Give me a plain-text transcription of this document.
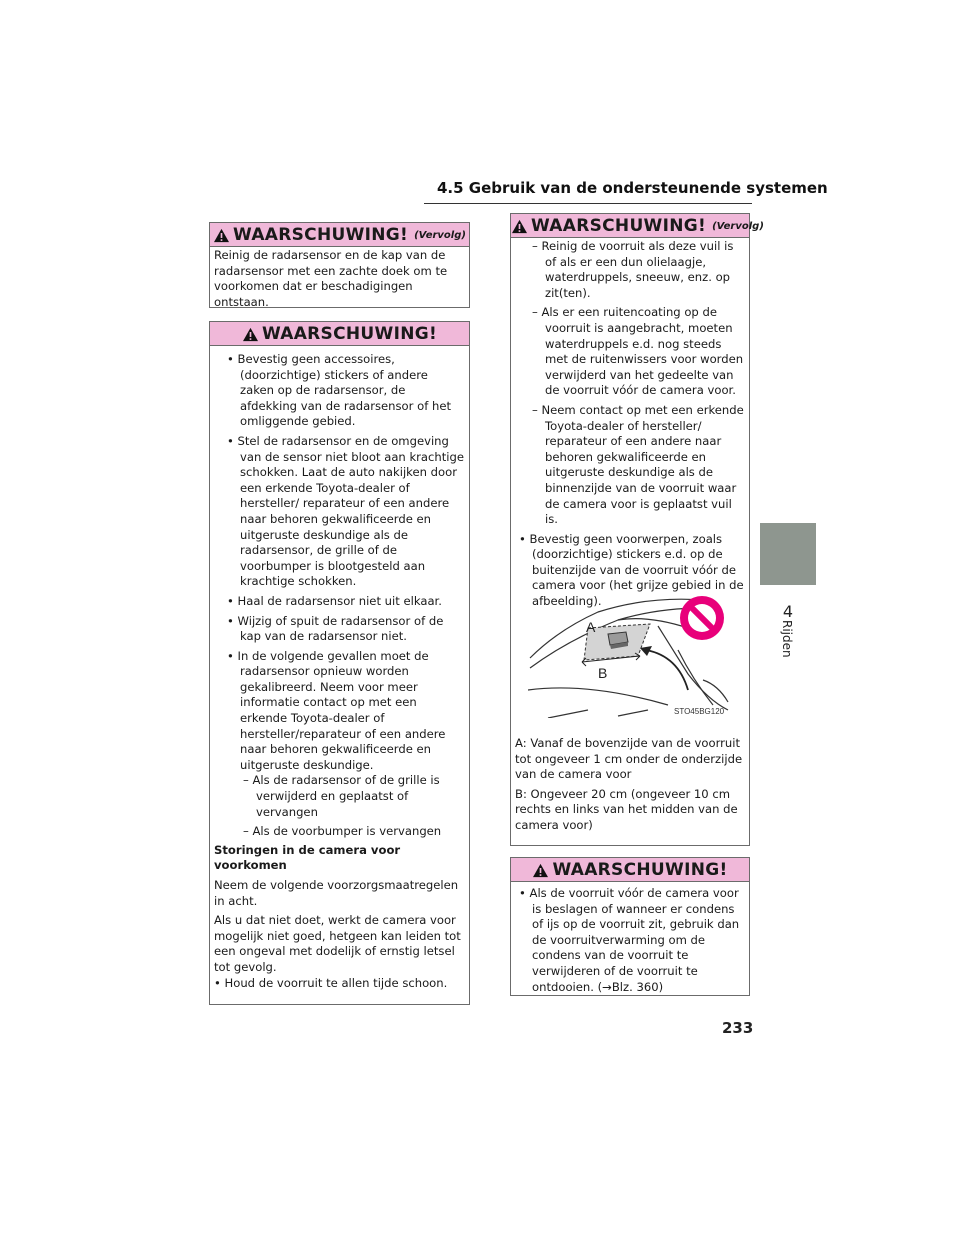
4.5 Gebruik van de ondersteunende systemen
4
Rijden
WAARSCHUWING! (Vervolg)

Reinig de radarsensor en de kap van de radarsensor met een zachte doek om te voorkomen dat er beschadigingen ontstaan.

WAARSCHUWING!

• Bevestig geen accessoires, (doorzichtige) stickers of andere zaken op de radarsensor, de afdekking van de radarsensor of het omliggende gebied.

• Stel de radarsensor en de omgeving van de sensor niet bloot aan krachtige schokken. Laat de auto nakijken door een erkende Toyota-dealer of hersteller/ reparateur of een andere naar behoren gekwalificeerde en uitgeruste deskundige als de radarsensor, de grille of de voorbumper is blootgesteld aan krachtige schokken.

• Haal de radarsensor niet uit elkaar.

• Wijzig of spuit de radarsensor of de kap van de radarsensor niet.

• In de volgende gevallen moet de radarsensor opnieuw worden gekalibreerd. Neem voor meer informatie contact op met een erkende Toyota-dealer of hersteller/reparateur of een andere naar behoren gekwalificeerde en uitgeruste deskundige.

– Als de radarsensor of de grille is verwijderd en geplaatst of vervangen

– Als de voorbumper is vervangen

Storingen in de camera voor voorkomen

Neem de volgende voorzorgsmaatregelen in acht.

Als u dat niet doet, werkt de camera voor mogelijk niet goed, hetgeen kan leiden tot een ongeval met dodelijk of ernstig letsel tot gevolg.

• Houd de voorruit te allen tijde schoon.

WAARSCHUWING! (Vervolg)

– Reinig de voorruit als deze vuil is of als er een dun olielaagje, waterdruppels, sneeuw, enz. op zit(ten).

– Als er een ruitencoating op de voorruit is aangebracht, moeten waterdruppels e.d. nog steeds met de ruitenwissers voor worden verwijderd van het gedeelte van de voorruit vóór de camera voor.

– Neem contact op met een erkende Toyota-dealer of hersteller/ reparateur of een andere naar behoren gekwalificeerde en uitgeruste deskundige als de binnenzijde van de voorruit waar de camera voor is geplaatst vuil is.

• Bevestig geen voorwerpen, zoals (doorzichtige) stickers e.d. op de buitenzijde van de voorruit vóór de camera voor (het grijze gebied in de afbeelding).

A: Vanaf de bovenzijde van de voorruit tot ongeveer 1 cm onder de onderzijde van de camera voor

B: Ongeveer 20 cm (ongeveer 10 cm rechts en links van het midden van de camera voor)

A
B
STO45BG120
WAARSCHUWING!

• Als de voorruit vóór de camera voor is beslagen of wanneer er condens of ijs op de voorruit zit, gebruik dan de voorruitverwarming om de condens van de voorruit te verwijderen of de voorruit te ontdooien. (→Blz. 360)

233
